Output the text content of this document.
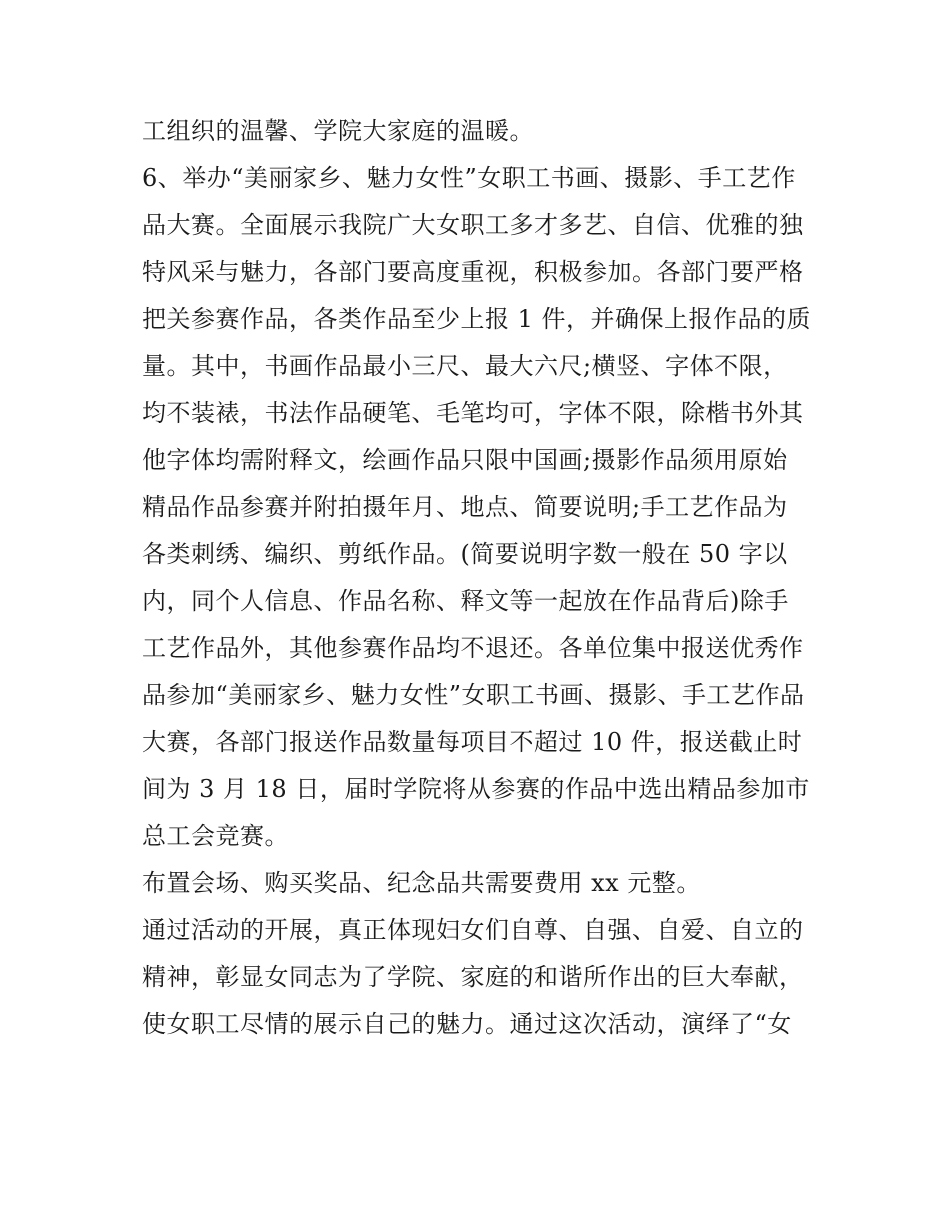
工组织的温馨、学院大家庭的温暖。
6、举办“美丽家乡、魅力女性”女职工书画、摄影、手工艺作
品大赛。全面展示我院广大女职工多才多艺、自信、优雅的独
特风采与魅力，各部门要高度重视，积极参加。各部门要严格
把关参赛作品，各类作品至少上报 1 件，并确保上报作品的质
量。其中，书画作品最小三尺、最大六尺;横竖、字体不限，
均不装裱，书法作品硬笔、毛笔均可，字体不限，除楷书外其
他字体均需附释文，绘画作品只限中国画;摄影作品须用原始
精品作品参赛并附拍摄年月、地点、简要说明;手工艺作品为
各类刺绣、编织、剪纸作品。(简要说明字数一般在 50 字以
内，同个人信息、作品名称、释文等一起放在作品背后)除手
工艺作品外，其他参赛作品均不退还。各单位集中报送优秀作
品参加“美丽家乡、魅力女性”女职工书画、摄影、手工艺作品
大赛，各部门报送作品数量每项目不超过 10 件，报送截止时
间为 3 月 18 日，届时学院将从参赛的作品中选出精品参加市
总工会竞赛。
布置会场、购买奖品、纪念品共需要费用 xx 元整。
通过活动的开展，真正体现妇女们自尊、自强、自爱、自立的
精神，彰显女同志为了学院、家庭的和谐所作出的巨大奉献，
使女职工尽情的展示自己的魅力。通过这次活动，演绎了“女
